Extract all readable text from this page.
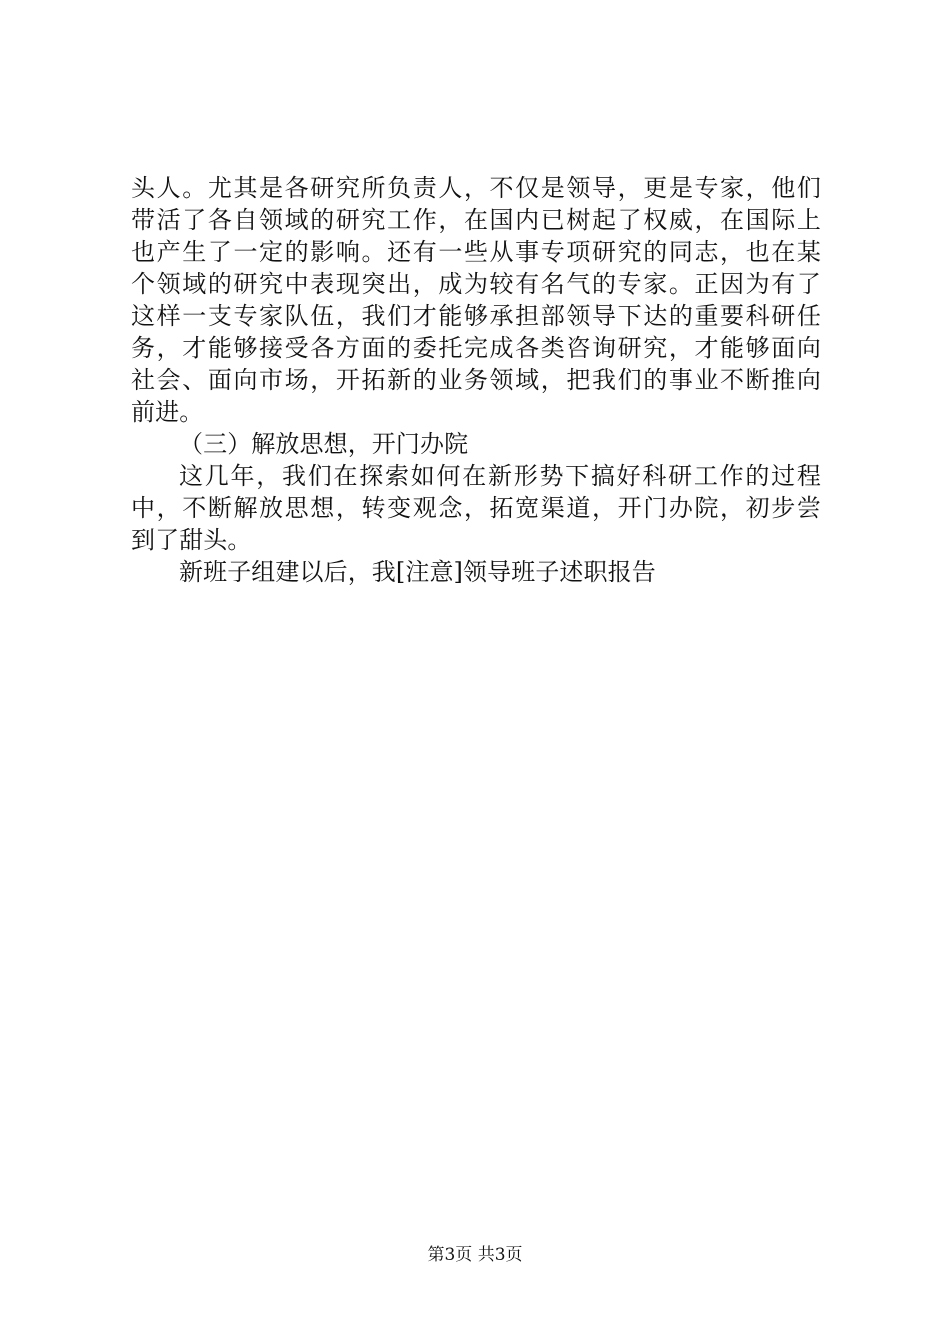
头人。尤其是各研究所负责人，不仅是领导，更是专家，他们
带活了各自领域的研究工作，在国内已树起了权威，在国际上
也产生了一定的影响。还有一些从事专项研究的同志，也在某
个领域的研究中表现突出，成为较有名气的专家。正因为有了
这样一支专家队伍，我们才能够承担部领导下达的重要科研任
务，才能够接受各方面的委托完成各类咨询研究，才能够面向
社会、面向市场，开拓新的业务领域，把我们的事业不断推向
前进。
（三）解放思想，开门办院
这几年，我们在探索如何在新形势下搞好科研工作的过程
中，不断解放思想，转变观念，拓宽渠道，开门办院，初步尝
到了甜头。
新班子组建以后，我[注意]领导班子述职报告
第3页 共3页
